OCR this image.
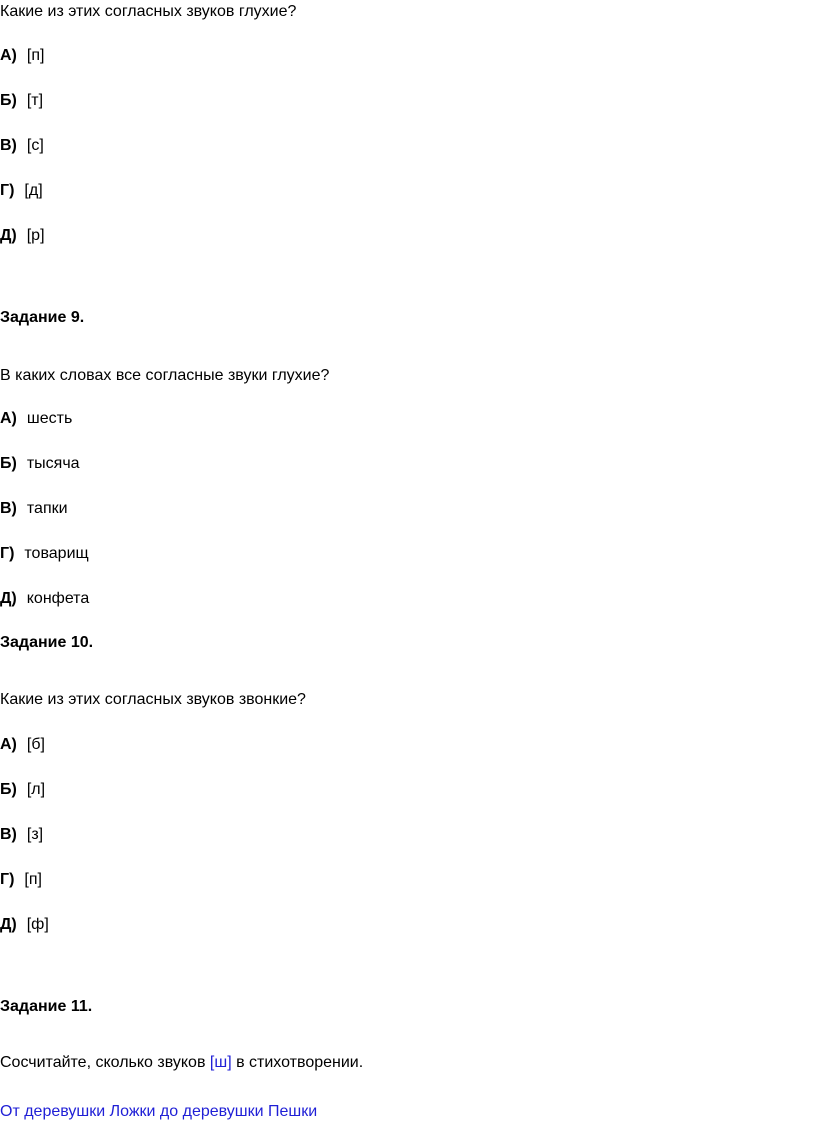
Какие из этих согласных звуков глухие?
А) [п]
Б) [т]
В) [с]
Г) [д]
Д) [р]
Задание 9.
В каких словах все согласные звуки глухие?
А) шесть
Б) тысяча
В) тапки
Г) товарищ
Д) конфета
Задание 10.
Какие из этих согласных звуков звонкие?
А) [б]
Б) [л]
В) [з]
Г) [п]
Д) [ф]
Задание 11.
Сосчитайте, сколько звуков [ш] в стихотворении.
От деревушки Ложки до деревушки Пешки
